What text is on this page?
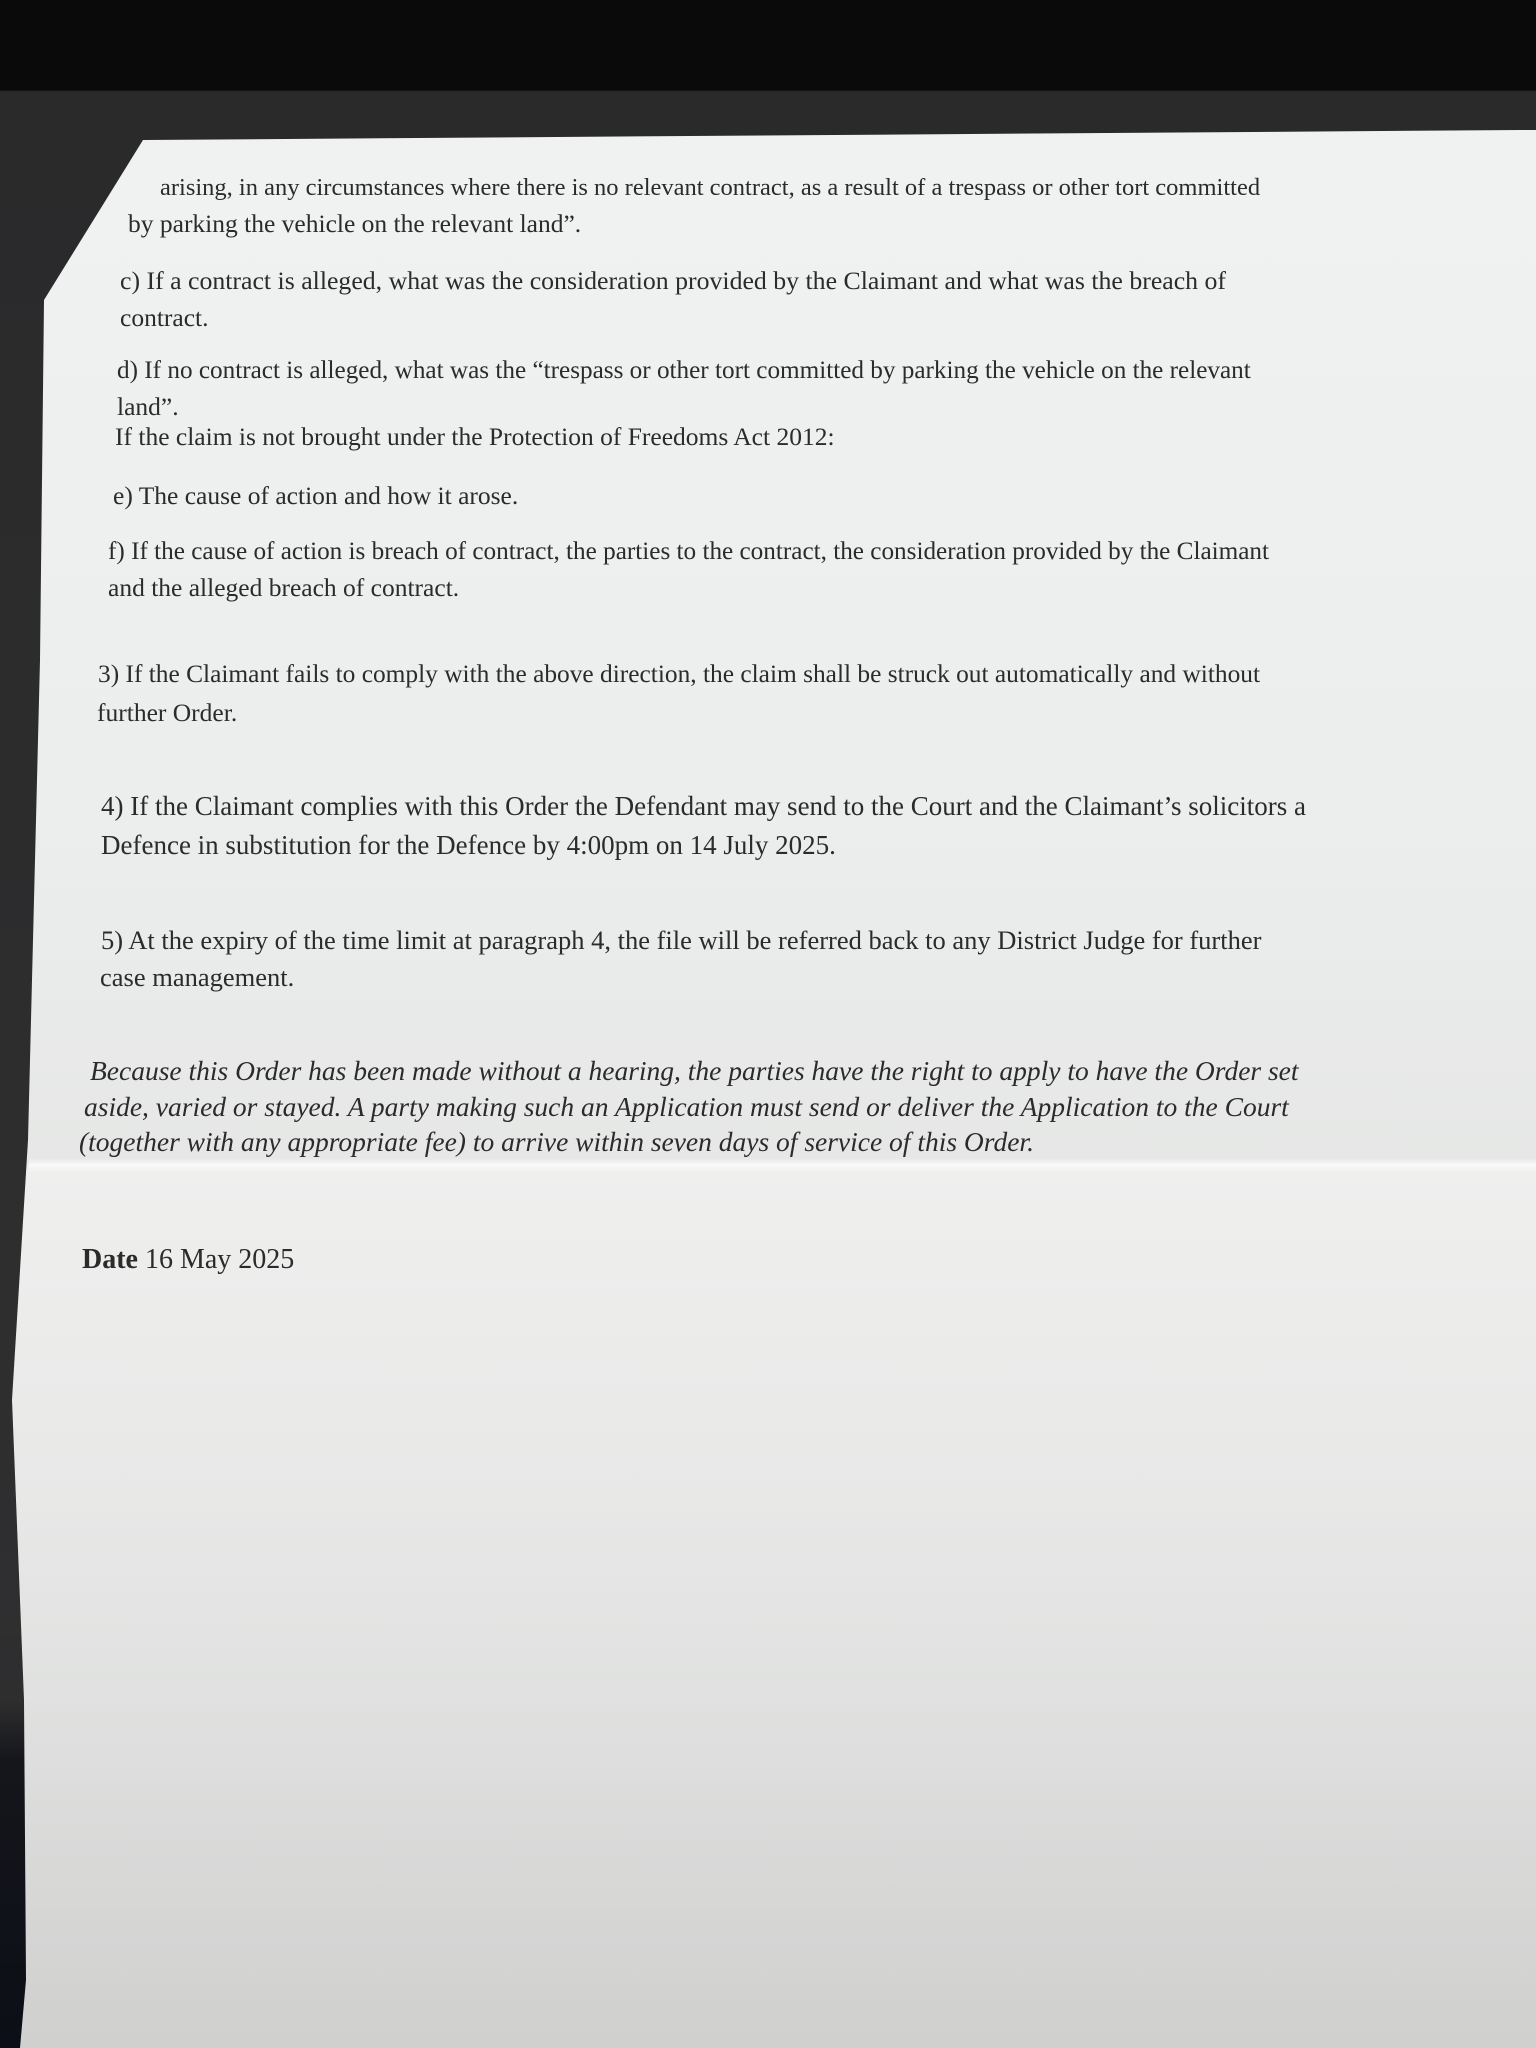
arising, in any circumstances where there is no relevant contract, as a result of a trespass or other tort committed
by parking the vehicle on the relevant land”.
c) If a contract is alleged, what was the consideration provided by the Claimant and what was the breach of
contract.
d) If no contract is alleged, what was the “trespass or other tort committed by parking the vehicle on the relevant
land”.
If the claim is not brought under the Protection of Freedoms Act 2012:
e) The cause of action and how it arose.
f) If the cause of action is breach of contract, the parties to the contract, the consideration provided by the Claimant
and the alleged breach of contract.
3) If the Claimant fails to comply with the above direction, the claim shall be struck out automatically and without
further Order.
4) If the Claimant complies with this Order the Defendant may send to the Court and the Claimant’s solicitors a
Defence in substitution for the Defence by 4:00pm on 14 July 2025.
5) At the expiry of the time limit at paragraph 4, the file will be referred back to any District Judge for further
case management.
Because this Order has been made without a hearing, the parties have the right to apply to have the Order set
aside, varied or stayed. A party making such an Application must send or deliver the Application to the Court
(together with any appropriate fee) to arrive within seven days of service of this Order.
Date 16 May 2025
